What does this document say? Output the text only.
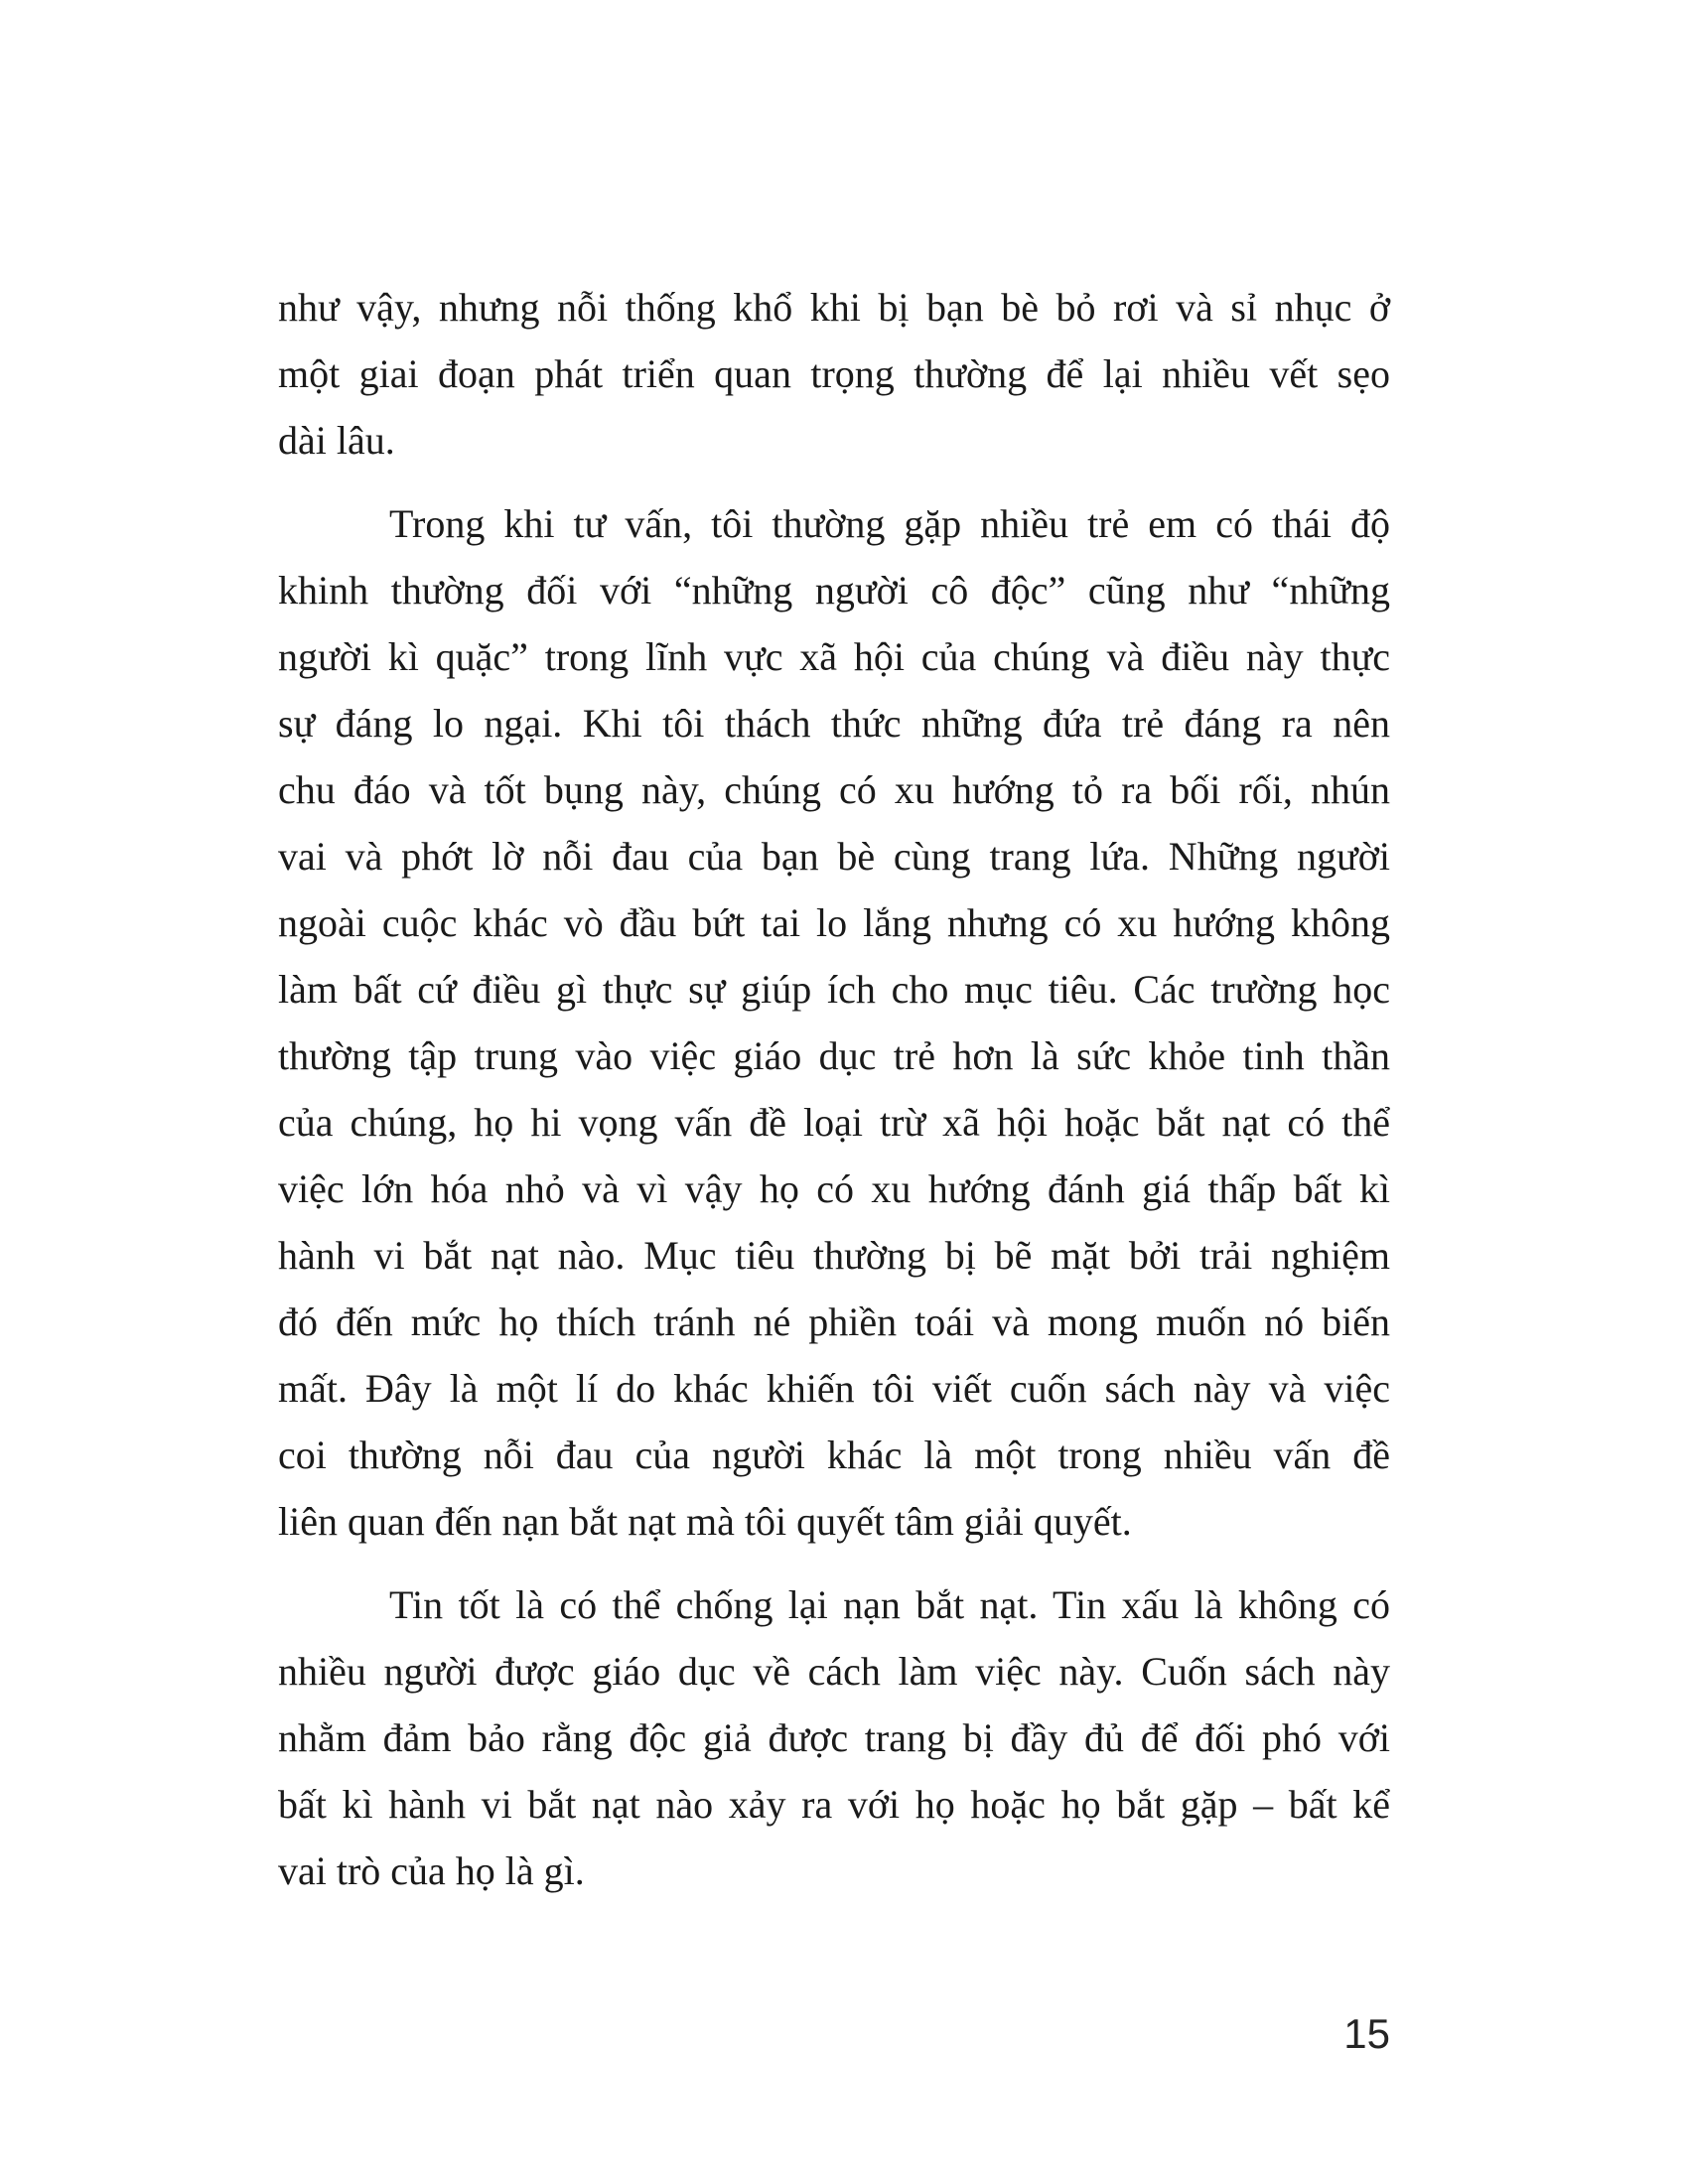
như vậy, nhưng nỗi thống khổ khi bị bạn bè bỏ rơi và sỉ nhục ở
một giai đoạn phát triển quan trọng thường để lại nhiều vết sẹo
dài lâu.
Trong khi tư vấn, tôi thường gặp nhiều trẻ em có thái độ
khinh thường đối với “những người cô độc” cũng như “những
người kì quặc” trong lĩnh vực xã hội của chúng và điều này thực
sự đáng lo ngại. Khi tôi thách thức những đứa trẻ đáng ra nên
chu đáo và tốt bụng này, chúng có xu hướng tỏ ra bối rối, nhún
vai và phớt lờ nỗi đau của bạn bè cùng trang lứa. Những người
ngoài cuộc khác vò đầu bứt tai lo lắng nhưng có xu hướng không
làm bất cứ điều gì thực sự giúp ích cho mục tiêu. Các trường học
thường tập trung vào việc giáo dục trẻ hơn là sức khỏe tinh thần
của chúng, họ hi vọng vấn đề loại trừ xã hội hoặc bắt nạt có thể
việc lớn hóa nhỏ và vì vậy họ có xu hướng đánh giá thấp bất kì
hành vi bắt nạt nào. Mục tiêu thường bị bẽ mặt bởi trải nghiệm
đó đến mức họ thích tránh né phiền toái và mong muốn nó biến
mất. Đây là một lí do khác khiến tôi viết cuốn sách này và việc
coi thường nỗi đau của người khác là một trong nhiều vấn đề
liên quan đến nạn bắt nạt mà tôi quyết tâm giải quyết.
Tin tốt là có thể chống lại nạn bắt nạt. Tin xấu là không có
nhiều người được giáo dục về cách làm việc này. Cuốn sách này
nhằm đảm bảo rằng độc giả được trang bị đầy đủ để đối phó với
bất kì hành vi bắt nạt nào xảy ra với họ hoặc họ bắt gặp – bất kể
vai trò của họ là gì.
15
